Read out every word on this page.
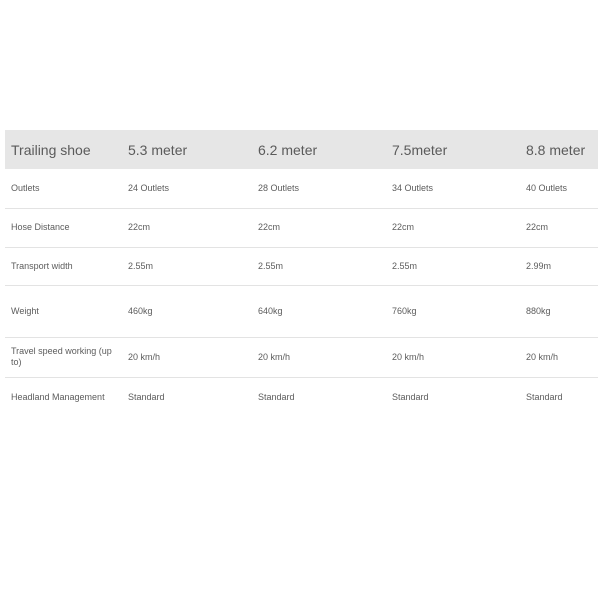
Trailing shoe	5.3 meter	6.2 meter	7.5meter	8.8 meter
Outlets	24 Outlets	28 Outlets	34 Outlets	40 Outlets
Hose Distance	22cm	22cm	22cm	22cm
Transport width	2.55m	2.55m	2.55m	2.99m
Weight	460kg	640kg	760kg	880kg
Travel speed working (up to)	20 km/h	20 km/h	20 km/h	20 km/h
Headland Management	Standard	Standard	Standard	Standard
